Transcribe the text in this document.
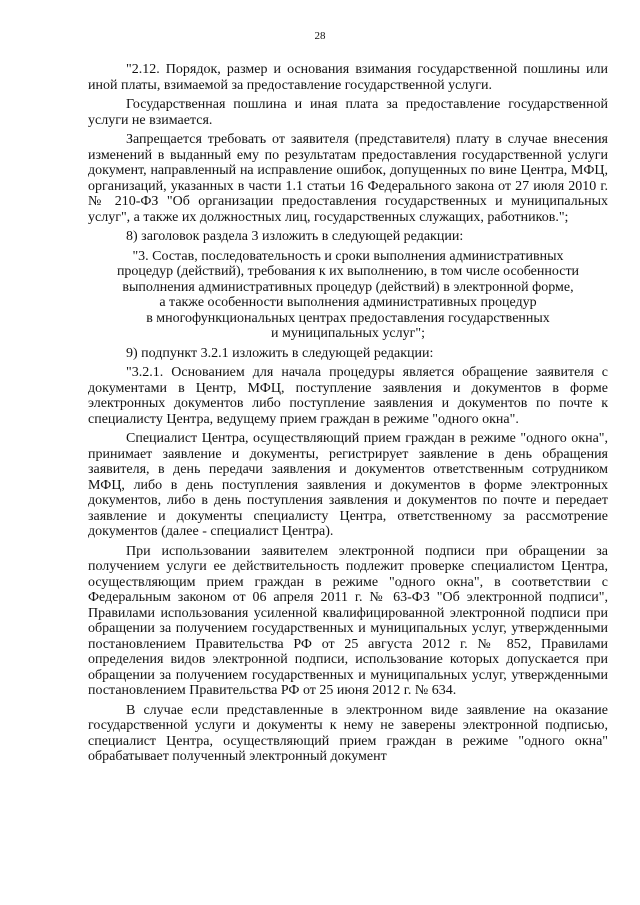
28

"2.12. Порядок, размер и основания взимания государственной пошлины или иной платы, взимаемой за предоставление государственной услуги.

Государственная пошлина и иная плата за предоставление государственной услуги не взимается.

Запрещается требовать от заявителя (представителя) плату в случае внесения изменений в выданный ему по результатам предоставления государственной услуги документ, направленный на исправление ошибок, допущенных по вине Центра, МФЦ, организаций, указанных в части 1.1 статьи 16 Федерального закона от 27 июля 2010 г. № 210-ФЗ "Об организации предоставления государственных и муниципальных услуг", а также их должностных лиц, государственных служащих, работников.";

8) заголовок раздела 3 изложить в следующей редакции:

"3. Состав, последовательность и сроки выполнения административных

процедур (действий), требования к их выполнению, в том числе особенности

выполнения административных процедур (действий) в электронной форме,

а также особенности выполнения административных процедур

в многофункциональных центрах предоставления государственных

и муниципальных услуг";

9) подпункт 3.2.1 изложить в следующей редакции:

"3.2.1. Основанием для начала процедуры является обращение заявителя с документами в Центр, МФЦ, поступление заявления и документов в форме электронных документов либо поступление заявления и документов по почте к специалисту Центра, ведущему прием граждан в режиме "одного окна".

Специалист Центра, осуществляющий прием граждан в режиме "одного окна", принимает заявление и документы, регистрирует заявление в день обращения заявителя, в день передачи заявления и документов ответственным сотрудником МФЦ, либо в день поступления заявления и документов в форме электронных документов, либо в день поступления заявления и документов по почте и передает заявление и документы специалисту Центра, ответственному за рассмотрение документов (далее - специалист Центра).

При использовании заявителем электронной подписи при обращении за получением услуги ее действительность подлежит проверке специалистом Центра, осуществляющим прием граждан в режиме "одного окна", в соответствии с Федеральным законом от 06 апреля 2011 г. № 63-ФЗ "Об электронной подписи", Правилами использования усиленной квалифицированной электронной подписи при обращении за получением государственных и муниципальных услуг, утвержденными постановлением Правительства РФ от 25 августа 2012 г. № 852, Правилами определения видов электронной подписи, использование которых допускается при обращении за получением государственных и муниципальных услуг, утвержденными постановлением Правительства РФ от 25 июня 2012 г. № 634.

В случае если представленные в электронном виде заявление на оказание государственной услуги и документы к нему не заверены электронной подписью, специалист Центра, осуществляющий прием граждан в режиме "одного окна" обрабатывает полученный электронный документ
